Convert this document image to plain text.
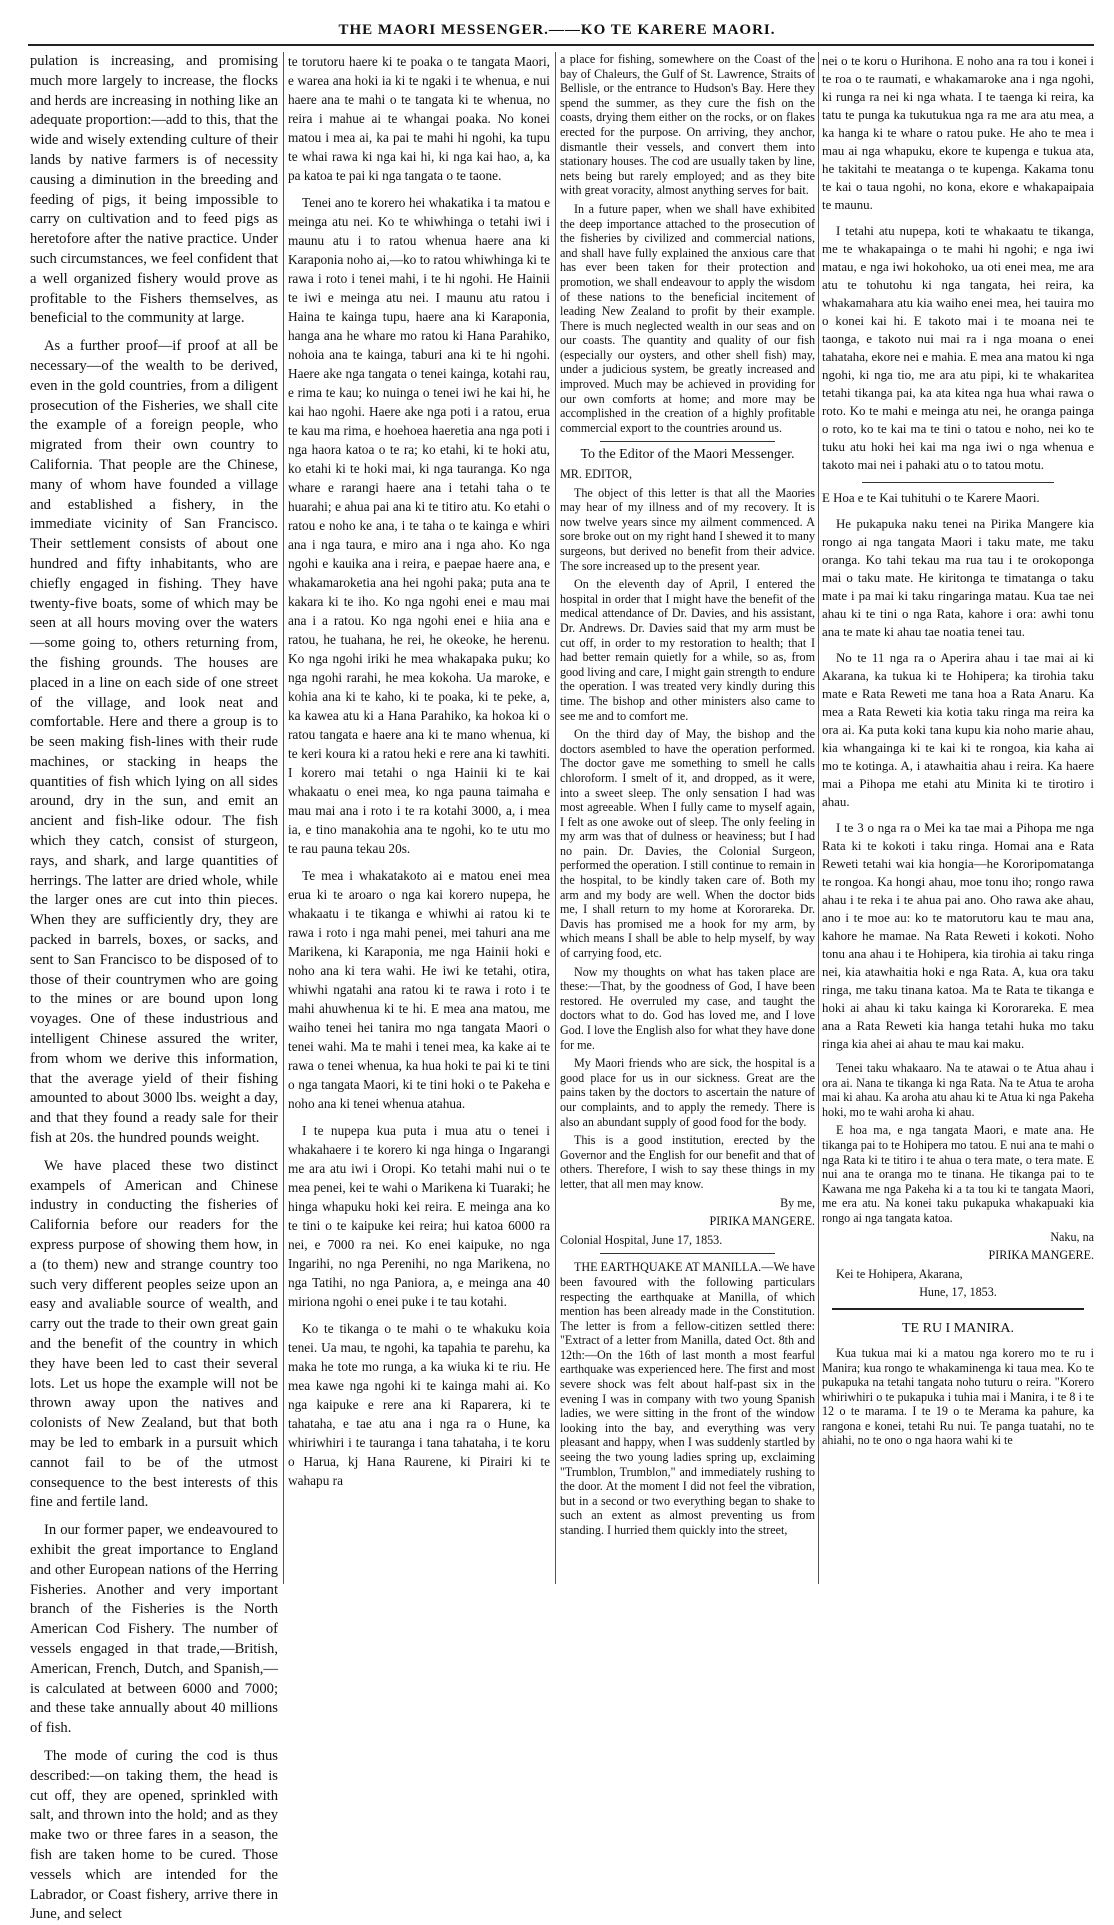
THE MAORI MESSENGER.——KO TE KARERE MAORI.

pulation is increasing, and promising much more largely to increase, the flocks and herds are increasing in nothing like an adequate proportion:—add to this, that the wide and wisely extending culture of their lands by native farmers is of necessity causing a diminution in the breeding and feeding of pigs, it being impossible to carry on cultivation and to feed pigs as heretofore after the native practice. Under such circumstances, we feel confident that a well organized fishery would prove as profitable to the Fishers themselves, as beneficial to the community at large.

As a further proof—if proof at all be necessary—of the wealth to be derived, even in the gold countries, from a diligent prosecution of the Fisheries, we shall cite the example of a foreign people, who migrated from their own country to California. That people are the Chinese, many of whom have founded a village and established a fishery, in the immediate vicinity of San Francisco. Their settlement consists of about one hundred and fifty inhabitants, who are chiefly engaged in fishing. They have twenty-five boats, some of which may be seen at all hours moving over the waters—some going to, others returning from, the fishing grounds. The houses are placed in a line on each side of one street of the village, and look neat and comfortable. Here and there a group is to be seen making fish-lines with their rude machines, or stacking in heaps the quantities of fish which lying on all sides around, dry in the sun, and emit an ancient and fish-like odour. The fish which they catch, consist of sturgeon, rays, and shark, and large quantities of herrings. The latter are dried whole, while the larger ones are cut into thin pieces. When they are sufficiently dry, they are packed in barrels, boxes, or sacks, and sent to San Francisco to be disposed of to those of their countrymen who are going to the mines or are bound upon long voyages. One of these industrious and intelligent Chinese assured the writer, from whom we derive this information, that the average yield of their fishing amounted to about 3000 lbs. weight a day, and that they found a ready sale for their fish at 20s. the hundred pounds weight.

We have placed these two distinct exampels of American and Chinese industry in conducting the fisheries of California before our readers for the express purpose of showing them how, in a (to them) new and strange country too such very different peoples seize upon an easy and avaliable source of wealth, and carry out the trade to their own great gain and the benefit of the country in which they have been led to cast their several lots. Let us hope the example will not be thrown away upon the natives and colonists of New Zealand, but that both may be led to embark in a pursuit which cannot fail to be of the utmost consequence to the best interests of this fine and fertile land.

In our former paper, we endeavoured to exhibit the great importance to England and other European nations of the Herring Fisheries. Another and very important branch of the Fisheries is the North American Cod Fishery. The number of vessels engaged in that trade,—British, American, French, Dutch, and Spanish,—is calculated at between 6000 and 7000; and these take annually about 40 millions of fish.

The mode of curing the cod is thus described:—on taking them, the head is cut off, they are opened, sprinkled with salt, and thrown into the hold; and as they make two or three fares in a season, the fish are taken home to be cured. Those vessels which are intended for the Labrador, or Coast fishery, arrive there in June, and select

te torutoru haere ki te poaka o te tangata Maori, e warea ana hoki ia ki te ngaki i te whenua, e nui haere ana te mahi o te tangata ki te whenua, no reira i mahue ai te whangai poaka. No konei matou i mea ai, ka pai te mahi hi ngohi, ka tupu te whai rawa ki nga kai hi, ki nga kai hao, a, ka pa katoa te pai ki nga tangata o te taone.

Tenei ano te korero hei whakatika i ta matou e meinga atu nei. Ko te whiwhinga o tetahi iwi i maunu atu i to ratou whenua haere ana ki Karaponia noho ai,—ko to ratou whiwhinga ki te rawa i roto i tenei mahi, i te hi ngohi. He Hainii te iwi e meinga atu nei. I maunu atu ratou i Haina te kainga tupu, haere ana ki Karaponia, hanga ana he whare mo ratou ki Hana Parahiko, nohoia ana te kainga, taburi ana ki te hi ngohi. Haere ake nga tangata o tenei kainga, kotahi rau, e rima te kau; ko nuinga o tenei iwi he kai hi, he kai hao ngohi. Haere ake nga poti i a ratou, erua te kau ma rima, e hoehoea haeretia ana nga poti i nga haora katoa o te ra; ko etahi, ki te hoki atu, ko etahi ki te hoki mai, ki nga tauranga. Ko nga whare e rarangi haere ana i tetahi taha o te huarahi; e ahua pai ana ki te titiro atu. Ko etahi o ratou e noho ke ana, i te taha o te kainga e whiri ana i nga taura, e miro ana i nga aho. Ko nga ngohi e kauika ana i reira, e paepae haere ana, e whakamaroketia ana hei ngohi paka; puta ana te kakara ki te iho. Ko nga ngohi enei e mau mai ana i a ratou. Ko nga ngohi enei e hiia ana e ratou, he tuahana, he rei, he okeoke, he herenu. Ko nga ngohi iriki he mea whakapaka puku; ko nga ngohi rarahi, he mea kokoha. Ua maroke, e kohia ana ki te kaho, ki te poaka, ki te peke, a, ka kawea atu ki a Hana Parahiko, ka hokoa ki o ratou tangata e haere ana ki te mano whenua, ki te keri koura ki a ratou heki e rere ana ki tawhiti. I korero mai tetahi o nga Hainii ki te kai whakaatu o enei mea, ko nga pauna taimaha e mau mai ana i roto i te ra kotahi 3000, a, i mea ia, e tino manakohia ana te ngohi, ko te utu mo te rau pauna tekau 20s.

Te mea i whakatakoto ai e matou enei mea erua ki te aroaro o nga kai korero nupepa, he whakaatu i te tikanga e whiwhi ai ratou ki te rawa i roto i nga mahi penei, mei tahuri ana me Marikena, ki Karaponia, me nga Hainii hoki e noho ana ki tera wahi. He iwi ke tetahi, otira, whiwhi ngatahi ana ratou ki te rawa i roto i te mahi ahuwhenua ki te hi. E mea ana matou, me waiho tenei hei tanira mo nga tangata Maori o tenei wahi. Ma te mahi i tenei mea, ka kake ai te rawa o tenei whenua, ka hua hoki te pai ki te tini o nga tangata Maori, ki te tini hoki o te Pakeha e noho ana ki tenei whenua atahua.

I te nupepa kua puta i mua atu o tenei i whakahaere i te korero ki nga hinga o Ingarangi me ara atu iwi i Oropi. Ko tetahi mahi nui o te mea penei, kei te wahi o Marikena ki Tuaraki; he hinga whapuku hoki kei reira. E meinga ana ko te tini o te kaipuke kei reira; hui katoa 6000 ra nei, e 7000 ra nei. Ko enei kaipuke, no nga Ingarihi, no nga Perenihi, no nga Marikena, no nga Tatihi, no nga Paniora, a, e meinga ana 40 miriona ngohi o enei puke i te tau kotahi.

Ko te tikanga o te mahi o te whakuku koia tenei. Ua mau, te ngohi, ka tapahia te parehu, ka maka he tote mo runga, a ka wiuka ki te riu. He mea kawe nga ngohi ki te kainga mahi ai. Ko nga kaipuke e rere ana ki Raparera, ki te tahataha, e tae atu ana i nga ra o Hune, ka whiriwhiri i te tauranga i tana tahataha, i te koru o Harua, kj Hana Raurene, ki Pirairi ki te wahapu ra

a place for fishing, somewhere on the Coast of the bay of Chaleurs, the Gulf of St. Lawrence, Straits of Bellisle, or the entrance to Hudson's Bay. Here they spend the summer, as they cure the fish on the coasts, drying them either on the rocks, or on flakes erected for the purpose. On arriving, they anchor, dismantle their vessels, and convert them into stationary houses. The cod are usually taken by line, nets being but rarely employed; and as they bite with great voracity, almost anything serves for bait.

In a future paper, when we shall have exhibited the deep importance attached to the prosecution of the fisheries by civilized and commercial nations, and shall have fully explained the anxious care that has ever been taken for their protection and promotion, we shall endeavour to apply the wisdom of these nations to the beneficial incitement of leading New Zealand to profit by their example. There is much neglected wealth in our seas and on our coasts. The quantity and quality of our fish (especially our oysters, and other shell fish) may, under a judicious system, be greatly increased and improved. Much may be achieved in providing for our own comforts at home; and more may be accomplished in the creation of a highly profitable commercial export to the countries around us.

To the Editor of the Maori Messenger.

MR. EDITOR,

The object of this letter is that all the Maories may hear of my illness and of my recovery. It is now twelve years since my ailment commenced. A sore broke out on my right hand I shewed it to many surgeons, but derived no benefit from their advice. The sore increased up to the present year.

On the eleventh day of April, I entered the hospital in order that I might have the benefit of the medical attendance of Dr. Davies, and his assistant, Dr. Andrews. Dr. Davies said that my arm must be cut off, in order to my restoration to health; that I had better remain quietly for a while, so as, from good living and care, I might gain strength to endure the operation. I was treated very kindly during this time. The bishop and other ministers also came to see me and to comfort me.

On the third day of May, the bishop and the doctors asembled to have the operation performed. The doctor gave me something to smell he calls chloroform. I smelt of it, and dropped, as it were, into a sweet sleep. The only sensation I had was most agreeable. When I fully came to myself again, I felt as one awoke out of sleep. The only feeling in my arm was that of dulness or heaviness; but I had no pain. Dr. Davies, the Colonial Surgeon, performed the operation. I still continue to remain in the hospital, to be kindly taken care of. Both my arm and my body are well. When the doctor bids me, I shall return to my home at Kororareka. Dr. Davis has promised me a hook for my arm, by which means I shall be able to help myself, by way of carrying food, etc.

Now my thoughts on what has taken place are these:—That, by the goodness of God, I have been restored. He overruled my case, and taught the doctors what to do. God has loved me, and I love God. I love the English also for what they have done for me.

My Maori friends who are sick, the hospital is a good place for us in our sickness. Great are the pains taken by the doctors to ascertain the nature of our complaints, and to apply the remedy. There is also an abundant supply of good food for the body.

This is a good institution, erected by the Governor and the English for our benefit and that of others. Therefore, I wish to say these things in my letter, that all men may know.

By me,

PIRIKA MANGERE.

Colonial Hospital, June 17, 1853.

THE EARTHQUAKE AT MANILLA.—We have been favoured with the following particulars respecting the earthquake at Manilla, of which mention has been already made in the Constitution. The letter is from a fellow-citizen settled there: "Extract of a letter from Manilla, dated Oct. 8th and 12th:—On the 16th of last month a most fearful earthquake was experienced here. The first and most severe shock was felt about half-past six in the evening I was in company with two young Spanish ladies, we were sitting in the front of the window looking into the bay, and everything was very pleasant and happy, when I was suddenly startled by seeing the two young ladies spring up, exclaiming "Trumblon, Trumblon," and immediately rushing to the door. At the moment I did not feel the vibration, but in a second or two everything began to shake to such an extent as almost preventing us from standing. I hurried them quickly into the street,

nei o te koru o Hurihona. E noho ana ra tou i konei i te roa o te raumati, e whakamaroke ana i nga ngohi, ki runga ra nei ki nga whata. I te taenga ki reira, ka tatu te punga ka tukutukua nga ra me ara atu mea, a ka hanga ki te whare o ratou puke. He aho te mea i mau ai nga whapuku, ekore te kupenga e tukua ata, he takitahi te meatanga o te kupenga. Kakama tonu te kai o taua ngohi, no kona, ekore e whakapaipaia te maunu.

I tetahi atu nupepa, koti te whakaatu te tikanga, me te whakapainga o te mahi hi ngohi; e nga iwi matau, e nga iwi hokohoko, ua oti enei mea, me ara atu te tohutohu ki nga tangata, hei reira, ka whakamahara atu kia waiho enei mea, hei tauira mo o konei kai hi. E takoto mai i te moana nei te taonga, e takoto nui mai ra i nga moana o enei tahataha, ekore nei e mahia. E mea ana matou ki nga ngohi, ki nga tio, me ara atu pipi, ki te whakaritea tetahi tikanga pai, ka ata kitea nga hua whai rawa o roto. Ko te mahi e meinga atu nei, he oranga painga o roto, ko te kai ma te tini o tatou e noho, nei ko te tuku atu hoki hei kai ma nga iwi o nga whenua e takoto mai nei i pahaki atu o to tatou motu.

E Hoa e te Kai tuhituhi o te Karere Maori.

He pukapuka naku tenei na Pirika Mangere kia rongo ai nga tangata Maori i taku mate, me taku oranga. Ko tahi tekau ma rua tau i te orokoponga mai o taku mate. He kiritonga te timatanga o taku mate i pa mai ki taku ringaringa matau. Kua tae nei ahau ki te tini o nga Rata, kahore i ora: awhi tonu ana te mate ki ahau tae noatia tenei tau.

No te 11 nga ra o Aperira ahau i tae mai ai ki Akarana, ka tukua ki te Hohipera; ka tirohia taku mate e Rata Reweti me tana hoa a Rata Anaru. Ka mea a Rata Reweti kia kotia taku ringa ma reira ka ora ai. Ka puta koki tana kupu kia noho marie ahau, kia whangainga ki te kai ki te rongoa, kia kaha ai mo te kotinga. A, i atawhaitia ahau i reira. Ka haere mai a Pihopa me etahi atu Minita ki te tirotiro i ahau.

I te 3 o nga ra o Mei ka tae mai a Pihopa me nga Rata ki te kokoti i taku ringa. Homai ana e Rata Reweti tetahi wai kia hongia—he Kororipomatanga te rongoa. Ka hongi ahau, moe tonu iho; rongo rawa ahau i te reka i te ahua pai ano. Oho rawa ake ahau, ano i te moe au: ko te matorutoru kau te mau ana, kahore he mamae. Na Rata Reweti i kokoti. Noho tonu ana ahau i te Hohipera, kia tirohia ai taku ringa nei, kia atawhaitia hoki e nga Rata. A, kua ora taku ringa, me taku tinana katoa. Ma te Rata te tikanga e hoki ai ahau ki taku kainga ki Kororareka. E mea ana a Rata Reweti kia hanga tetahi huka mo taku ringa kia ahei ai ahau te mau kai maku.

Tenei taku whakaaro. Na te atawai o te Atua ahau i ora ai. Nana te tikanga ki nga Rata. Na te Atua te aroha mai ki ahau. Ka aroha atu ahau ki te Atua ki nga Pakeha hoki, mo te wahi aroha ki ahau.

E hoa ma, e nga tangata Maori, e mate ana. He tikanga pai to te Hohipera mo tatou. E nui ana te mahi o nga Rata ki te titiro i te ahua o tera mate, o tera mate. E nui ana te oranga mo te tinana. He tikanga pai to te Kawana me nga Pakeha ki a ta tou ki te tangata Maori, me era atu. Na konei taku pukapuka whakapuaki kia rongo ai nga tangata katoa.

Naku, na

PIRIKA MANGERE.

Kei te Hohipera, Akarana,

Hune, 17, 1853.

TE RU I MANIRA.

Kua tukua mai ki a matou nga korero mo te ru i Manira; kua rongo te whakaminenga ki taua mea. Ko te pukapuka na tetahi tangata noho tuturu o reira. "Korero whiriwhiri o te pukapuka i tuhia mai i Manira, i te 8 i te 12 o te marama. I te 19 o te Merama ka pahure, ka rangona e konei, tetahi Ru nui. Te panga tuatahi, no te ahiahi, no te ono o nga haora wahi ki te
